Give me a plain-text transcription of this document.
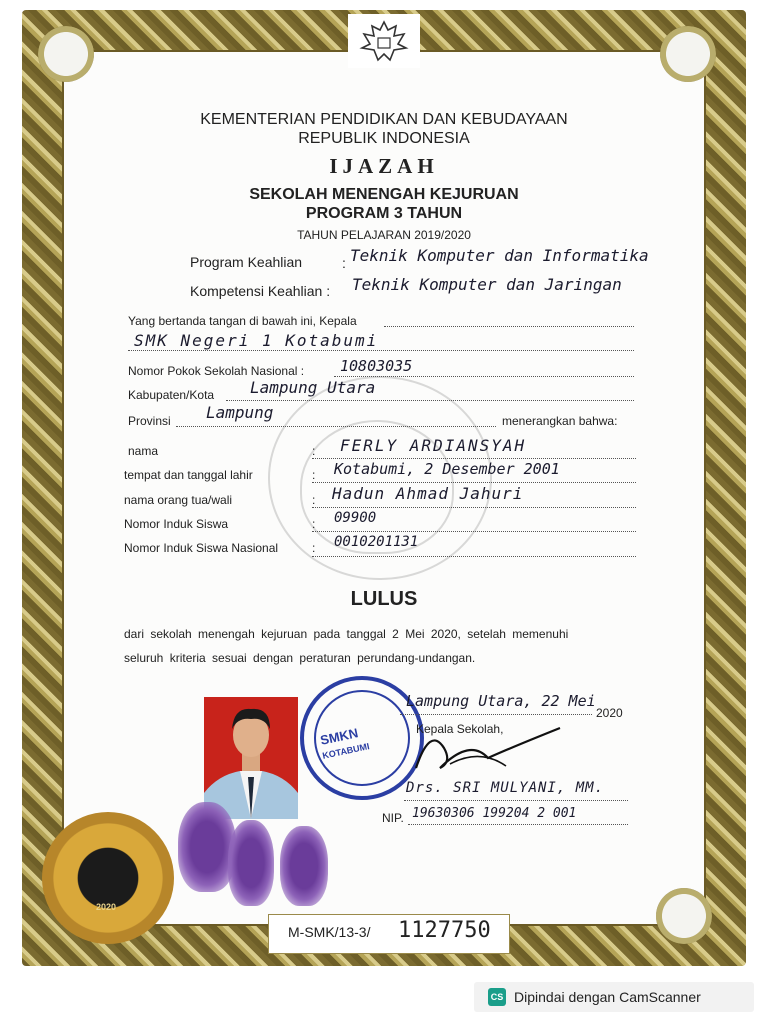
KEMENTERIAN PENDIDIKAN DAN KEBUDAYAAN
REPUBLIK INDONESIA
IJAZAH
SEKOLAH MENENGAH KEJURUAN
PROGRAM 3 TAHUN
TAHUN PELAJARAN 2019/2020
Program Keahlian	: Teknik Komputer dan Informatika
Kompetensi Keahlian : Teknik Komputer dan Jaringan
Yang bertanda tangan di bawah ini, Kepala
SMK Negeri 1 Kotabumi
Nomor Pokok Sekolah Nasional : 10803035
Kabupaten/Kota Lampung Utara
Provinsi Lampung	menerangkan bahwa:
nama	: FERLY ARDIANSYAH
tempat dan tanggal lahir	: Kotabumi, 2 Desember 2001
nama orang tua/wali	: Hadun Ahmad Jahuri
Nomor Induk Siswa	: 09900
Nomor Induk Siswa Nasional	: 0010201131
LULUS
dari sekolah menengah kejuruan pada tanggal 2 Mei 2020, setelah memenuhi
seluruh kriteria sesuai dengan peraturan perundang-undangan.
SMKN
KOTABUMI
Lampung Utara, 22 Mei
2020
Kepala Sekolah,
Drs. SRI MULYANI, MM.
NIP. 19630306 199204 2 001
2020
M-SMK/13-3/ 1127750
CS Dipindai dengan CamScanner
